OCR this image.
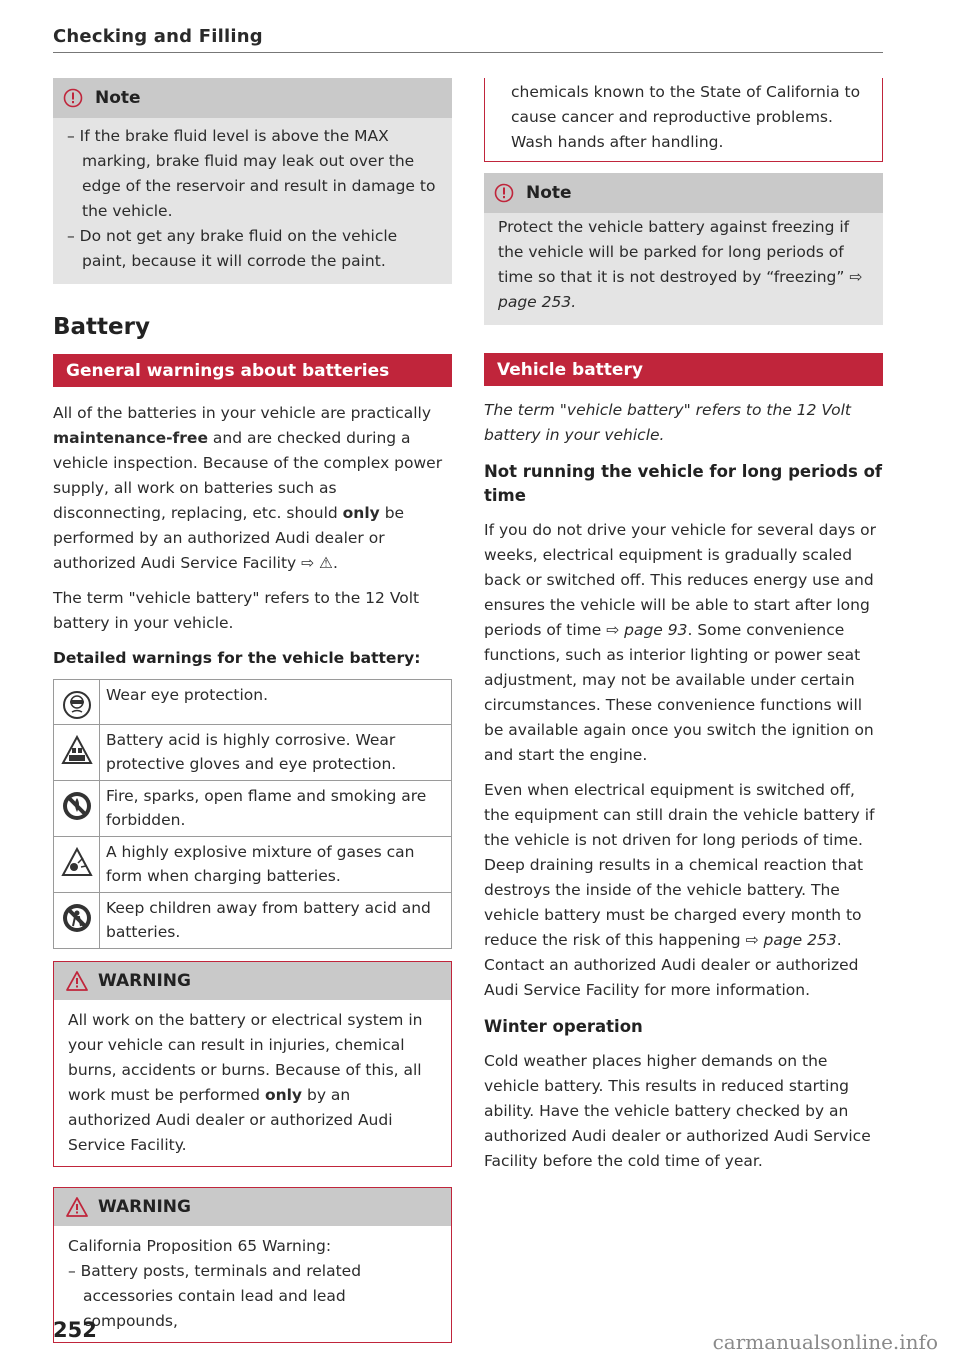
Checking and Filling
Note

– If the brake fluid level is above the MAX marking, brake fluid may leak out over the edge of the reservoir and result in damage to the vehicle.

– Do not get any brake fluid on the vehicle paint, because it will corrode the paint.

Battery
General warnings about batteries

All of the batteries in your vehicle are practically maintenance-free and are checked during a vehicle inspection. Because of the complex power supply, all work on batteries such as disconnecting, replacing, etc. should only be performed by an authorized Audi dealer or authorized Audi Service Facility ⇨ ⚠.

The term "vehicle battery" refers to the 12 Volt battery in your vehicle.

Detailed warnings for the vehicle battery:
	Wear eye protection.
	Battery acid is highly corrosive. Wear protective gloves and eye protection.
	Fire, sparks, open flame and smoking are forbidden.
	A highly explosive mixture of gases can form when charging batteries.
	Keep children away from battery acid and batteries.
WARNING
All work on the battery or electrical system in your vehicle can result in injuries, chemical burns, accidents or burns. Because of this, all work must be performed only by an authorized Audi dealer or authorized Audi Service Facility.
WARNING

California Proposition 65 Warning:

– Battery posts, terminals and related accessories contain lead and lead compounds,

chemicals known to the State of California to cause cancer and reproductive problems. Wash hands after handling.
Note
Protect the vehicle battery against freezing if the vehicle will be parked for long periods of time so that it is not destroyed by “freezing” ⇨ page 253.
Vehicle battery

The term "vehicle battery" refers to the 12 Volt battery in your vehicle.

Not running the vehicle for long periods of time

If you do not drive your vehicle for several days or weeks, electrical equipment is gradually scaled back or switched off. This reduces energy use and ensures the vehicle will be able to start after long periods of time ⇨ page 93. Some convenience functions, such as interior lighting or power seat adjustment, may not be available under certain circumstances. These convenience functions will be available again once you switch the ignition on and start the engine.

Even when electrical equipment is switched off, the equipment can still drain the vehicle battery if the vehicle is not driven for long periods of time. Deep draining results in a chemical reaction that destroys the inside of the vehicle battery. The vehicle battery must be charged every month to reduce the risk of this happening ⇨ page 253. Contact an authorized Audi dealer or authorized Audi Service Facility for more information.

Winter operation

Cold weather places higher demands on the vehicle battery. This results in reduced starting ability. Have the vehicle battery checked by an authorized Audi dealer or authorized Audi Service Facility before the cold time of year.

252	carmanualsonline.info
